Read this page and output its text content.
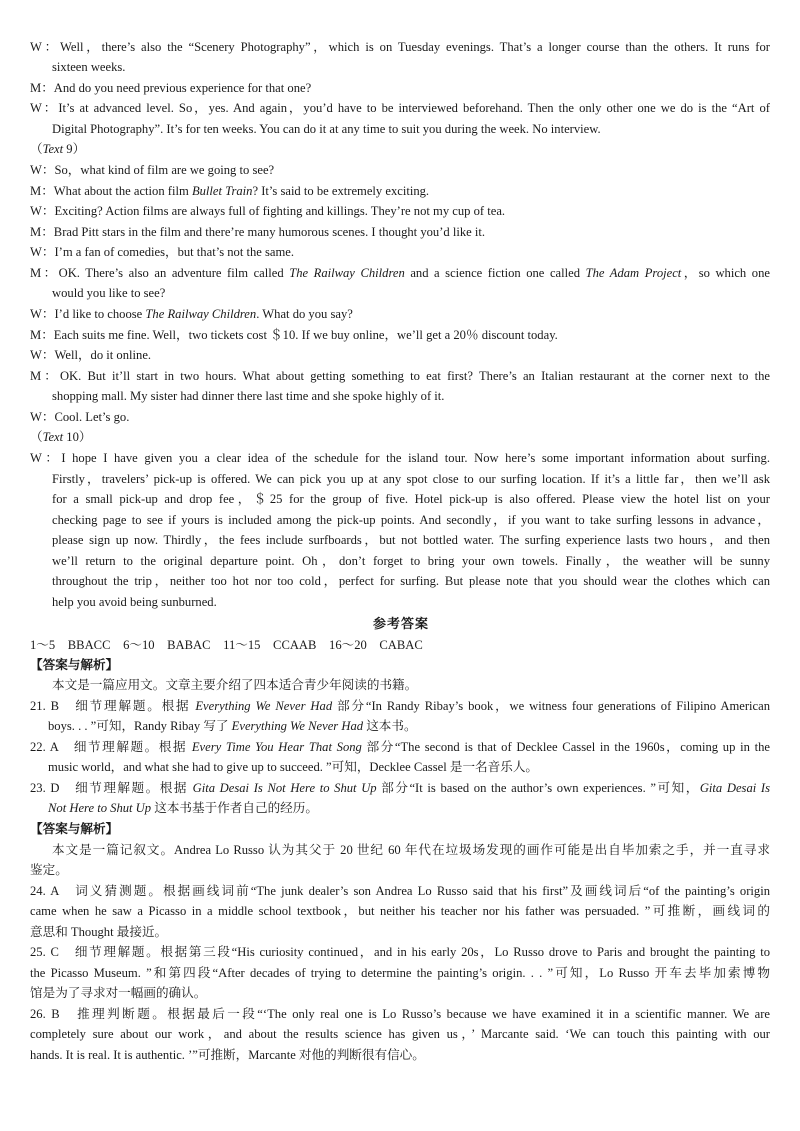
W：Well，there’s also the “Scenery Photography”，which is on Tuesday evenings. That’s a longer course than the others. It runs for
sixteen weeks.
M：And do you need previous experience for that one?
W：It’s at advanced level. So，yes. And again，you’d have to be interviewed beforehand. Then the only other one we do is the “Art of
Digital Photography”. It’s for ten weeks. You can do it at any time to suit you during the week. No interview.
（Text 9）
W：So，what kind of film are we going to see?
M：What about the action film Bullet Train? It’s said to be extremely exciting.
W：Exciting? Action films are always full of fighting and killings. They’re not my cup of tea.
M：Brad Pitt stars in the film and there’re many humorous scenes. I thought you’d like it.
W：I’m a fan of comedies，but that’s not the same.
M：OK. There’s also an adventure film called The Railway Children and a science fiction one called The Adam Project，so which one
would you like to see?
W：I’d like to choose The Railway Children. What do you say?
M：Each suits me fine. Well，two tickets cost ＄10. If we buy online，we’ll get a 20％ discount today.
W：Well，do it online.
M：OK. But it’ll start in two hours. What about getting something to eat first? There’s an Italian restaurant at the corner next to the
shopping mall. My sister had dinner there last time and she spoke highly of it.
W：Cool. Let’s go.
（Text 10）
W：I hope I have given you a clear idea of the schedule for the island tour. Now here’s some important information about surfing.
Firstly，travelers’ pick-up is offered. We can pick you up at any spot close to our surfing location. If it’s a little far，then we’ll ask
for a small pick-up and drop fee，＄25 for the group of five. Hotel pick-up is also offered. Please view the hotel list on your
checking page to see if yours is included among the pick-up points. And secondly，if you want to take surfing lessons in advance，
please sign up now. Thirdly，the fees include surfboards，but not bottled water. The surfing experience lasts two hours，and then
we’ll return to the original departure point. Oh，don’t forget to bring your own towels. Finally，the weather will be sunny
throughout the trip，neither too hot nor too cold，perfect for surfing. But please note that you should wear the clothes which can
help you avoid being sunburned.
参考答案
1～5　BBACC　6～10　BABAC　11～15　CCAAB　16～20　CABAC
【答案与解析】
本文是一篇应用文。文章主要介绍了四本适合青少年阅读的书籍。
21. B　细节理解题。根据 Everything We Never Had 部分“In Randy Ribay’s book，we witness four generations of Filipino American
boys. . . ”可知，Randy Ribay 写了 Everything We Never Had 这本书。
22. A　细节理解题。根据 Every Time You Hear That Song 部分“The second is that of Decklee Cassel in the 1960s，coming up in the
music world，and what she had to give up to succeed. ”可知，Decklee Cassel 是一名音乐人。
23. D　细节理解题。根据 Gita Desai Is Not Here to Shut Up 部分“It is based on the author’s own experiences. ”可知，Gita Desai Is
Not Here to Shut Up 这本书基于作者自己的经历。
【答案与解析】
本文是一篇记叙文。Andrea Lo Russo 认为其父于 20 世纪 60 年代在垃圾场发现的画作可能是出自毕加索之手，并一直寻求
鉴定。
24. A　词义猜测题。根据画线词前“The junk dealer’s son Andrea Lo Russo said that his first”及画线词后“of the painting’s origin
came when he saw a Picasso in a middle school textbook，but neither his teacher nor his father was persuaded. ”可推断，画线词的
意思和 Thought 最接近。
25. C　细节理解题。根据第三段“His curiosity continued，and in his early 20s，Lo Russo drove to Paris and brought the painting to
the Picasso Museum. ”和第四段“After decades of trying to determine the painting’s origin. . . ”可知，Lo Russo 开车去毕加索博物
馆是为了寻求对一幅画的确认。
26. B　推理判断题。根据最后一段“‘The only real one is Lo Russo’s because we have examined it in a scientific manner. We are
completely sure about our work，and about the results science has given us，’ Marcante said. ‘We can touch this painting with our
hands. It is real. It is authentic. ’”可推断，Marcante 对他的判断很有信心。
